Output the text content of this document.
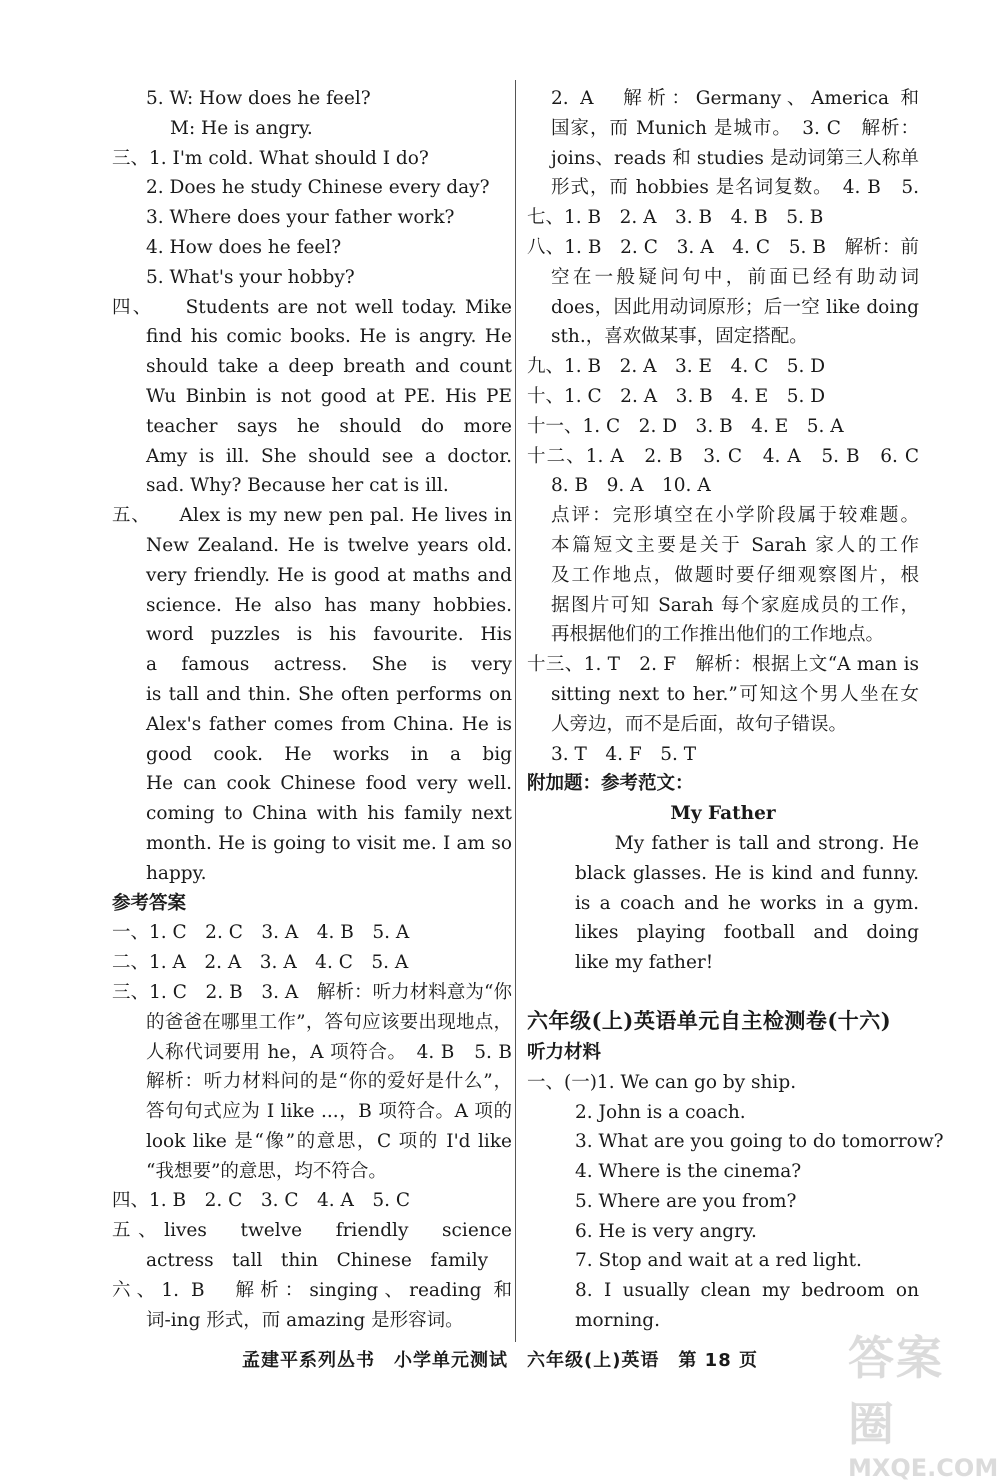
5. W: How does he feel?
M: He is angry.
三、1. I'm cold. What should I do?
2. Does he study Chinese every day?
3. Where does your father work?
4. How does he feel?
5. What's your hobby?
四、　　Students are not well today. Mike
find his comic books. He is angry. He
should take a deep breath and count
Wu Binbin is not good at PE. His PE
teacher says he should do more
Amy is ill. She should see a doctor.
sad. Why? Because her cat is ill.
五、　　Alex is my new pen pal. He lives in
New Zealand. He is twelve years old.
very friendly. He is good at maths and
science. He also has many hobbies.
word puzzles is his favourite. His
a famous actress. She is very
is tall and thin. She often performs on
Alex's father comes from China. He is
good cook. He works in a big
He can cook Chinese food very well.
coming to China with his family next
month. He is going to visit me. I am so
happy.
参考答案
一、1. C　2. C　3. A　4. B　5. A
二、1. A　2. A　3. A　4. C　5. A
三、1. C　2. B　3. A　解析：听力材料意为“你
的爸爸在哪里工作”，答句应该要出现地点，
人称代词要用 he，A 项符合。　4. B　5. B
解析：听力材料问的是“你的爱好是什么”，
答句句式应为 I like ...，B 项符合。A 项的
look like 是“像”的意思，C 项的 I'd like
“我想要”的意思，均不符合。
四、1. B　2. C　3. C　4. A　5. C
五、lives　twelve　friendly　science　
actress　tall　thin　Chinese　family
六、1. B　解析：singing、reading 和
词-ing 形式，而 amazing 是形容词。
2. A　解析：Germany、America 和
国家，而 Munich 是城市。　3. C　解析：
joins、reads 和 studies 是动词第三人称单
形式，而 hobbies 是名词复数。　4. B　5.
七、1. B　2. A　3. B　4. B　5. B
八、1. B　2. C　3. A　4. C　5. B　解析：前
空在一般疑问句中，前面已经有助动词
does，因此用动词原形；后一空 like doing
sth.，喜欢做某事，固定搭配。
九、1. B　2. A　3. E　4. C　5. D
十、1. C　2. A　3. B　4. E　5. D
十一、1. C　2. D　3. B　4. E　5. A
十二、1. A　2. B　3. C　4. A　5. B　6. C　
8. B　9. A　10. A
点评：完形填空在小学阶段属于较难题。
本篇短文主要是关于 Sarah 家人的工作
及工作地点，做题时要仔细观察图片，根
据图片可知 Sarah 每个家庭成员的工作，
再根据他们的工作推出他们的工作地点。
十三、1. T　2. F　解析：根据上文“A man is
sitting next to her.”可知这个男人坐在女
人旁边，而不是后面，故句子错误。
3. T　4. F　5. T
附加题：参考范文：
My Father
　　My father is tall and strong. He
black glasses. He is kind and funny.
is a coach and he works in a gym.
likes playing football and doing
like my father!
六年级(上)英语单元自主检测卷(十六)
听力材料
一、(一)1. We can go by ship.
2. John is a coach.
3. What are you going to do tomorrow?
4. Where is the cinema?
5. Where are you from?
6. He is very angry.
7. Stop and wait at a red light.
8. I usually clean my bedroom on
morning.
孟建平系列丛书　小学单元测试　六年级(上)英语　第 18 页	答案圈
MXQE.COM
